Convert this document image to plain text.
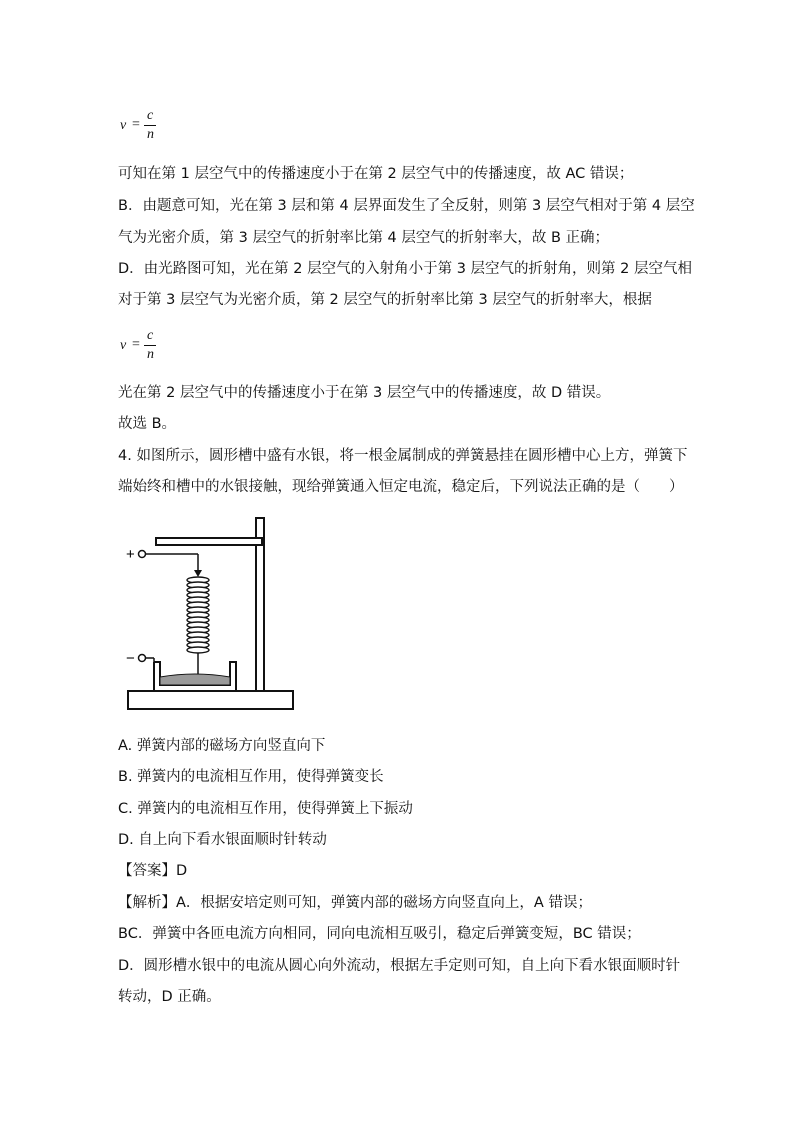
v =
c
n
可知在第 1 层空气中的传播速度小于在第 2 层空气中的传播速度，故 AC 错误；
B．由题意可知，光在第 3 层和第 4 层界面发生了全反射，则第 3 层空气相对于第 4 层空
气为光密介质，第 3 层空气的折射率比第 4 层空气的折射率大，故 B 正确；
D．由光路图可知，光在第 2 层空气的入射角小于第 3 层空气的折射角，则第 2 层空气相
对于第 3 层空气为光密介质，第 2 层空气的折射率比第 3 层空气的折射率大，根据
v =
c
n
光在第 2 层空气中的传播速度小于在第 3 层空气中的传播速度，故 D 错误。
故选 B。
4. 如图所示，圆形槽中盛有水银，将一根金属制成的弹簧悬挂在圆形槽中心上方，弹簧下
端始终和槽中的水银接触，现给弹簧通入恒定电流，稳定后，下列说法正确的是（　　）
+
−
A. 弹簧内部的磁场方向竖直向下
B. 弹簧内的电流相互作用，使得弹簧变长
C. 弹簧内的电流相互作用，使得弹簧上下振动
D. 自上向下看水银面顺时针转动
【答案】D
【解析】A．根据安培定则可知，弹簧内部的磁场方向竖直向上，A 错误；
BC．弹簧中各匝电流方向相同，同向电流相互吸引，稳定后弹簧变短，BC 错误；
D．圆形槽水银中的电流从圆心向外流动，根据左手定则可知，自上向下看水银面顺时针
转动，D 正确。
